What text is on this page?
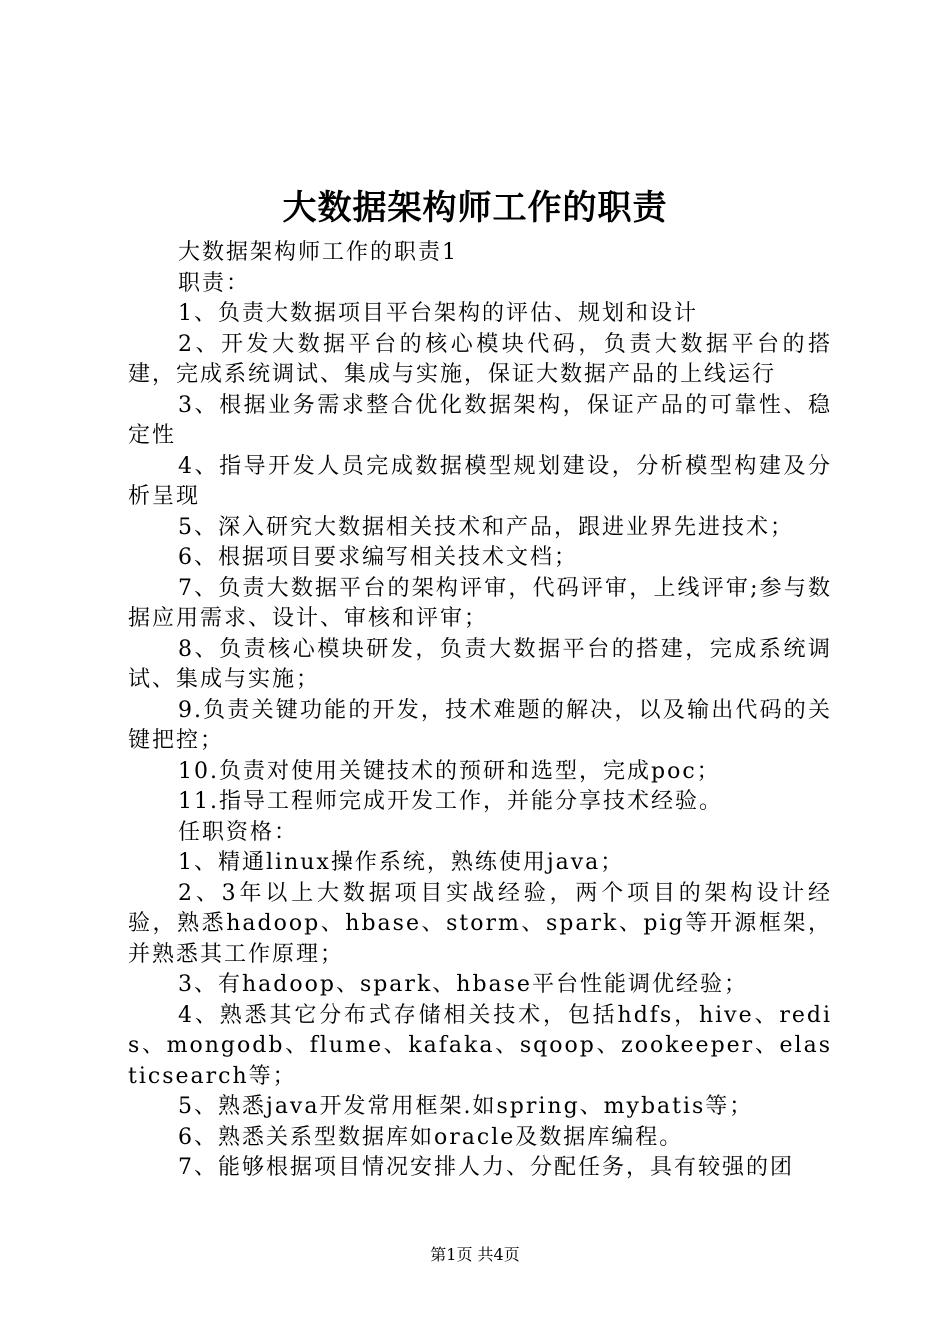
大数据架构师工作的职责

大数据架构师工作的职责1

职责：

1、负责大数据项目平台架构的评估、规划和设计

2、开发大数据平台的核心模块代码，负责大数据平台的搭建，完成系统调试、集成与实施，保证大数据产品的上线运行

3、根据业务需求整合优化数据架构，保证产品的可靠性、稳定性

4、指导开发人员完成数据模型规划建设，分析模型构建及分析呈现

5、深入研究大数据相关技术和产品，跟进业界先进技术；

6、根据项目要求编写相关技术文档；

7、负责大数据平台的架构评审，代码评审，上线评审;参与数据应用需求、设计、审核和评审；

8、负责核心模块研发，负责大数据平台的搭建，完成系统调试、集成与实施；

9.负责关键功能的开发，技术难题的解决，以及输出代码的关键把控；

10.负责对使用关键技术的预研和选型，完成poc；

11.指导工程师完成开发工作，并能分享技术经验。

任职资格：

1、精通linux操作系统，熟练使用java；

2、3年以上大数据项目实战经验，两个项目的架构设计经验，熟悉hadoop、hbase、storm、spark、pig等开源框架，并熟悉其工作原理；

3、有hadoop、spark、hbase平台性能调优经验；

4、熟悉其它分布式存储相关技术，包括hdfs，hive、redis、mongodb、flume、kafaka、sqoop、zookeeper、elasticsearch等；

5、熟悉java开发常用框架.如spring、mybatis等；

6、熟悉关系型数据库如oracle及数据库编程。

7、能够根据项目情况安排人力、分配任务，具有较强的团

第1页 共4页
